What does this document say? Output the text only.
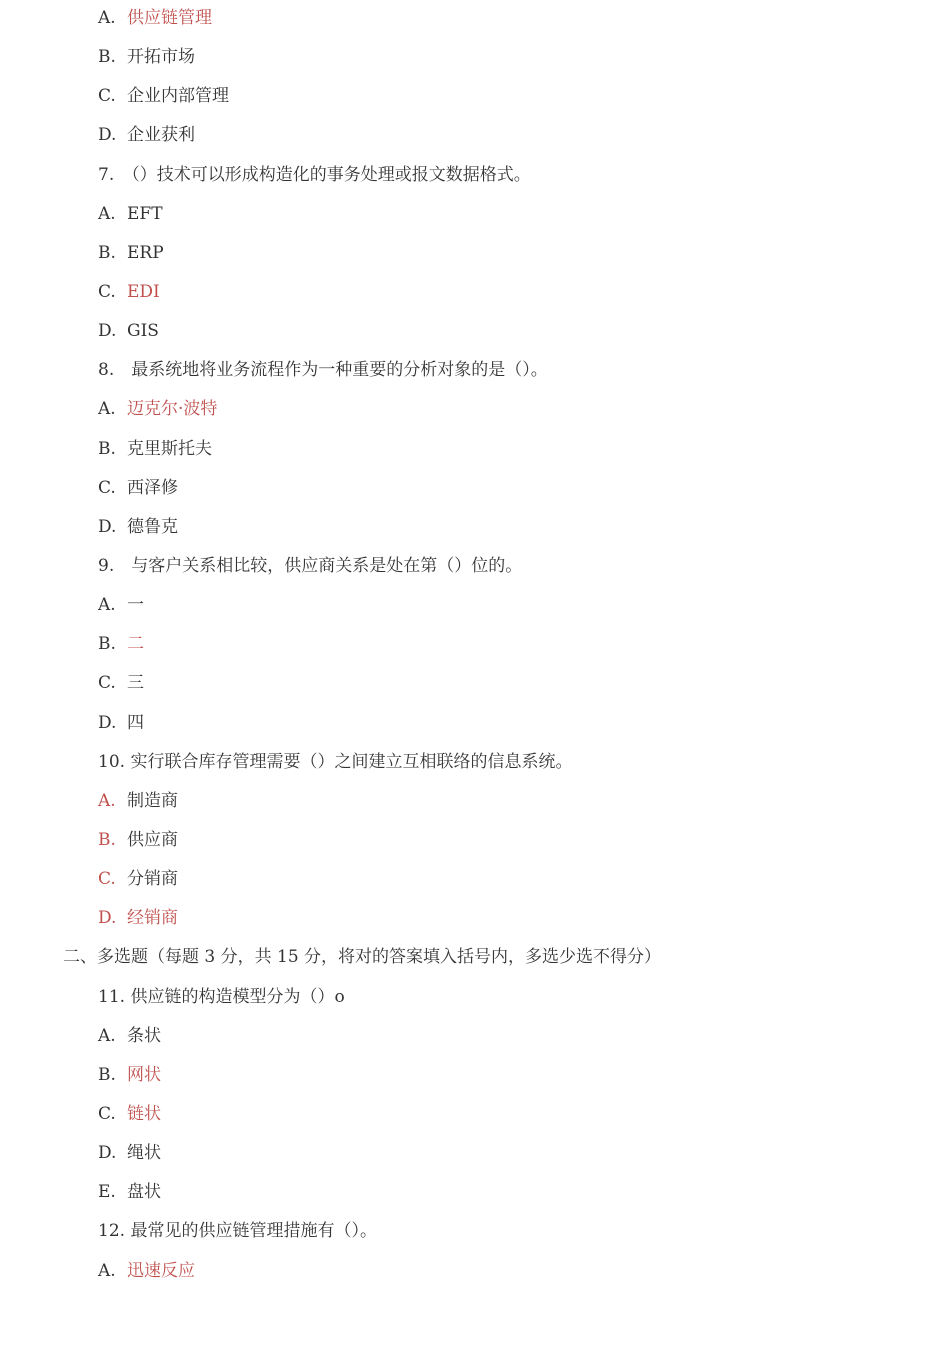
A. 供应链管理
B. 开拓市场
C. 企业内部管理
D. 企业获利
7.　（）技术可以形成构造化的事务处理或报文数据格式。
A. EFT
B. ERP
C. EDI
D. GIS
8.　最系统地将业务流程作为一种重要的分析对象的是（）。
A. 迈克尔·波特
B. 克里斯托夫
C. 西泽修
D. 德鲁克
9.　与客户关系相比较，供应商关系是处在第（）位的。
A. 一
B. 二
C. 三
D. 四
10. 实行联合库存管理需要（）之间建立互相联络的信息系统。
A. 制造商
B. 供应商
C. 分销商
D. 经销商
二、多选题（每题 3 分，共 15 分，将对的答案填入括号内，多选少选不得分）
11. 供应链的构造模型分为（）o
A. 条状
B. 网状
C. 链状
D. 绳状
E. 盘状
12. 最常见的供应链管理措施有（）。
A. 迅速反应
